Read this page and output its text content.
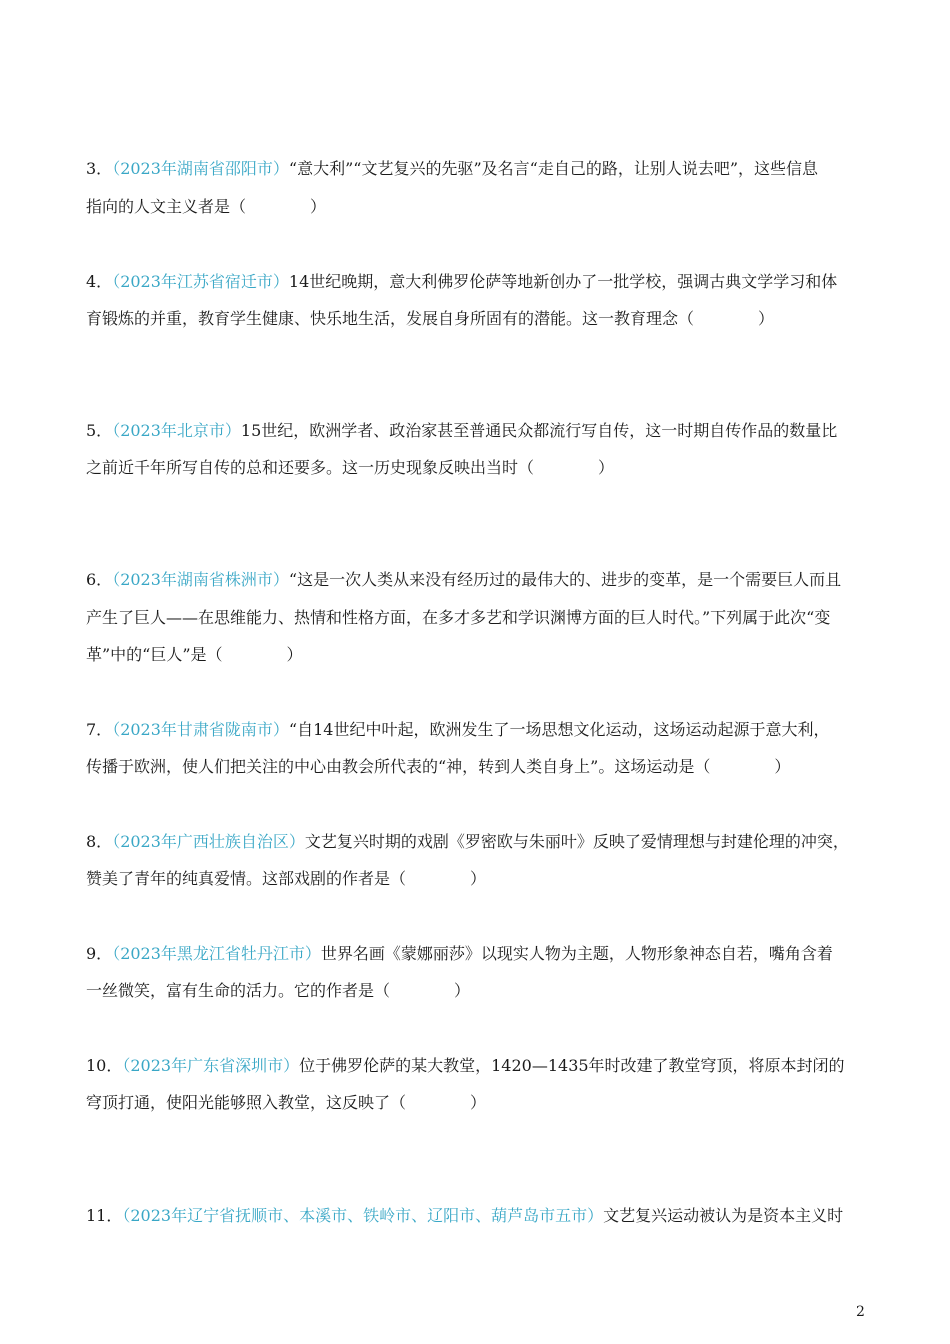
3．（2023年湖南省邵阳市）“意大利”“文艺复兴的先驱”及名言“走自己的路，让别人说去吧”，这些信息
指向的人文主义者是（　　　　）
4．（2023年江苏省宿迁市）14世纪晚期，意大利佛罗伦萨等地新创办了一批学校，强调古典文学学习和体
育锻炼的并重，教育学生健康、快乐地生活，发展自身所固有的潜能。这一教育理念（　　　　）
5．（2023年北京市）15世纪，欧洲学者、政治家甚至普通民众都流行写自传，这一时期自传作品的数量比
之前近千年所写自传的总和还要多。这一历史现象反映出当时（　　　　）
6．（2023年湖南省株洲市）“这是一次人类从来没有经历过的最伟大的、进步的变革，是一个需要巨人而且
产生了巨人——在思维能力、热情和性格方面，在多才多艺和学识渊博方面的巨人时代。”下列属于此次“变
革”中的“巨人”是（　　　　）
7．（2023年甘肃省陇南市）“自14世纪中叶起，欧洲发生了一场思想文化运动，这场运动起源于意大利，
传播于欧洲，使人们把关注的中心由教会所代表的“神，转到人类自身上”。这场运动是（　　　　）
8．（2023年广西壮族自治区）文艺复兴时期的戏剧《罗密欧与朱丽叶》反映了爱情理想与封建伦理的冲突，
赞美了青年的纯真爱情。这部戏剧的作者是（　　　　）
9．（2023年黑龙江省牡丹江市）世界名画《蒙娜丽莎》以现实人物为主题，人物形象神态自若，嘴角含着
一丝微笑，富有生命的活力。它的作者是（　　　　）
10．（2023年广东省深圳市）位于佛罗伦萨的某大教堂，1420—1435年时改建了教堂穹顶，将原本封闭的
穹顶打通，使阳光能够照入教堂，这反映了（　　　　）
11．（2023年辽宁省抚顺市、本溪市、铁岭市、辽阳市、葫芦岛市五市）文艺复兴运动被认为是资本主义时
2
